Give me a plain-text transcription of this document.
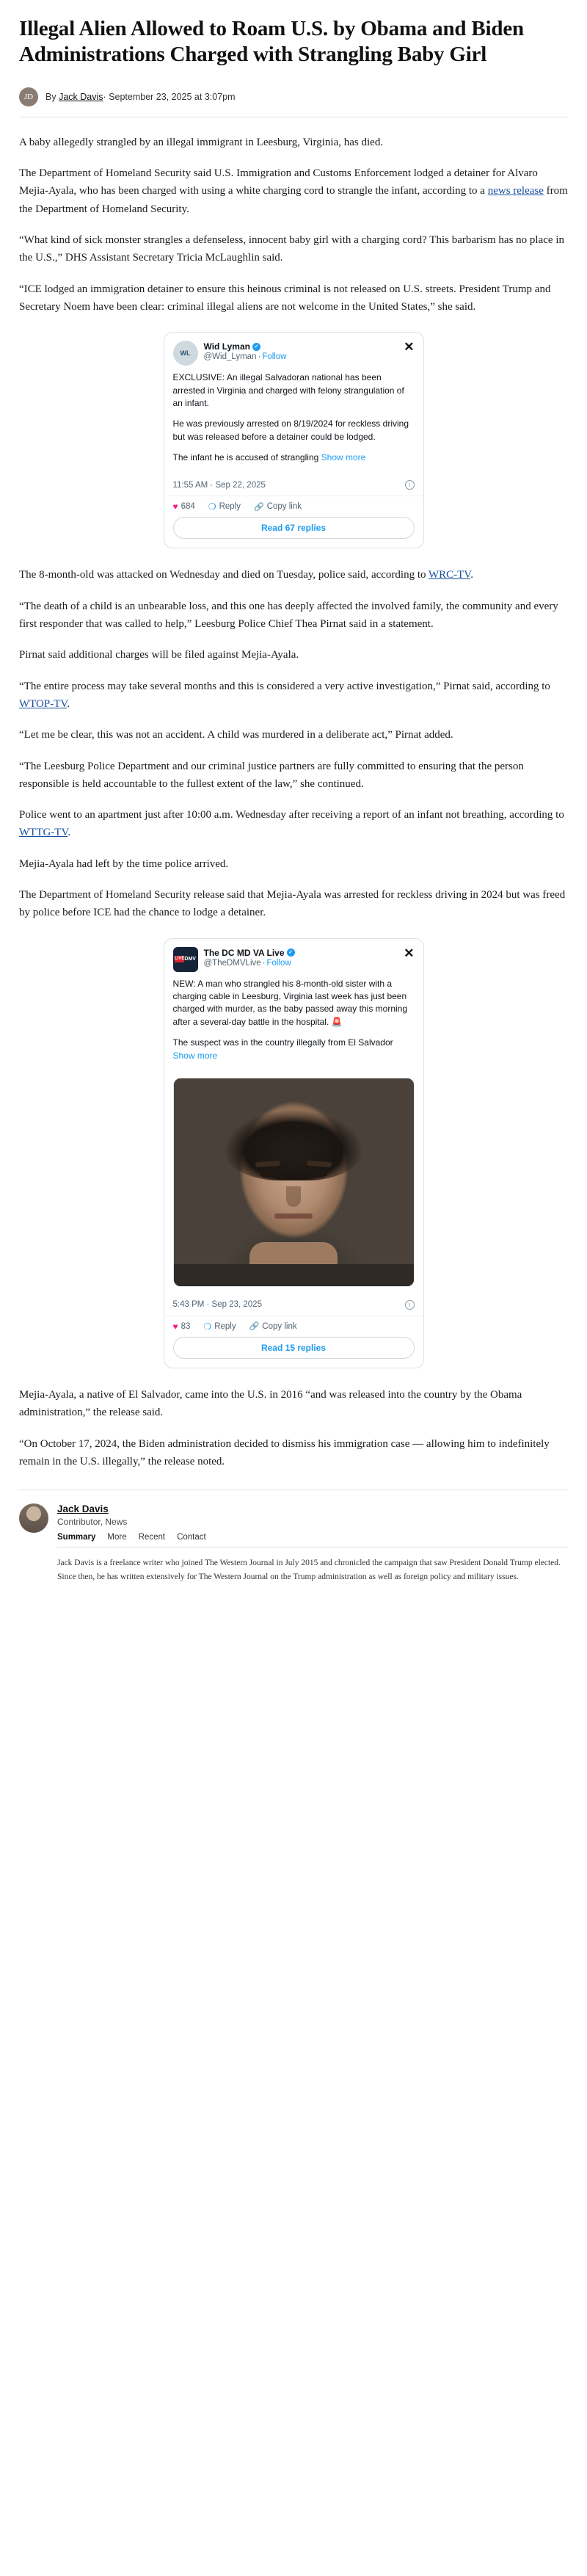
Illegal Alien Allowed to Roam U.S. by Obama and Biden Administrations Charged with Strangling Baby Girl
JD	By Jack Davis· September 23, 2025 at 3:07pm

A baby allegedly strangled by an illegal immigrant in Leesburg, Virginia, has died.

The Department of Homeland Security said U.S. Immigration and Customs Enforcement lodged a detainer for Alvaro Mejia-Ayala, who has been charged with using a white charging cord to strangle the infant, according to a news release from the Department of Homeland Security.

“What kind of sick monster strangles a defenseless, innocent baby girl with a charging cord? This barbarism has no place in the U.S.,” DHS Assistant Secretary Tricia McLaughlin said.

“ICE lodged an immigration detainer to ensure this heinous criminal is not released on U.S. streets. President Trump and Secretary Noem have been clear: criminal illegal aliens are not welcome in the United States,” she said.

WL
Wid Lyman ✓
@Wid_Lyman · Follow
✕

EXCLUSIVE: An illegal Salvadoran national has been arrested in Virginia and charged with felony strangulation of an infant.

He was previously arrested on 8/19/2024 for reckless driving but was released before a detainer could be lodged.

The infant he is accused of strangling Show more

11:55 AM · Sep 22, 2025	i
♥ 684 ❍ Reply 🔗 Copy link
Read 67 replies

The 8-month-old was attacked on Wednesday and died on Tuesday, police said, according to WRC-TV.

“The death of a child is an unbearable loss, and this one has deeply affected the involved family, the community and every first responder that was called to help,” Leesburg Police Chief Thea Pirnat said in a statement.

Pirnat said additional charges will be filed against Mejia-Ayala.

“The entire process may take several months and this is considered a very active investigation,” Pirnat said, according to WTOP-TV.

“Let me be clear, this was not an accident. A child was murdered in a deliberate act,” Pirnat added.

“The Leesburg Police Department and our criminal justice partners are fully committed to ensuring that the person responsible is held accountable to the fullest extent of the law,” she continued.

Police went to an apartment just after 10:00 a.m. Wednesday after receiving a report of an infant not breathing, according to WTTG-TV.

Mejia-Ayala had left by the time police arrived.

The Department of Homeland Security release said that Mejia-Ayala was arrested for reckless driving in 2024 but was freed by police before ICE had the chance to lodge a detainer.

LIVE DMV
The DC MD VA Live ✓
@TheDMVLive · Follow
✕

NEW: A man who strangled his 8-month-old sister with a charging cable in Leesburg, Virginia last week has just been charged with murder, as the baby passed away this morning after a several-day battle in the hospital. 🚨

The suspect was in the country illegally from El Salvador Show more

5:43 PM · Sep 23, 2025	i
♥ 83 ❍ Reply 🔗 Copy link
Read 15 replies

Mejia-Ayala, a native of El Salvador, came into the U.S. in 2016 “and was released into the country by the Obama administration,” the release said.

“On October 17, 2024, the Biden administration decided to dismiss his immigration case — allowing him to indefinitely remain in the U.S. illegally,” the release noted.

Jack Davis
Contributor, News
Summary More Recent Contact
Jack Davis is a freelance writer who joined The Western Journal in July 2015 and chronicled the campaign that saw President Donald Trump elected. Since then, he has written extensively for The Western Journal on the Trump administration as well as foreign policy and military issues.
